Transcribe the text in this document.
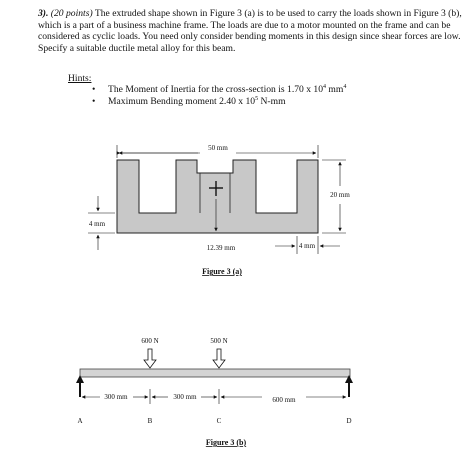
3). (20 points) The extruded shape shown in Figure 3 (a) is to be used to carry the loads shown in Figure 3 (b), which is a part of a business machine frame. The loads are due to a motor mounted on the frame and can be considered as cyclic loads. You need only consider bending moments in this design since shear forces are low. Specify a suitable ductile metal alloy for this beam.

Hints:
• The Moment of Inertia for the cross-section is 1.70 x $10^4$ $mm^4$
• Maximum Bending moment 2.40 x $10^5$ N-mm
50 mm
20 mm
4 mm
12.39 mm	4 mm
Figure 3 (a)
600 N	500 N
300 mm	300 mm	600 mm
A	B	C	D
Figure 3 (b)
